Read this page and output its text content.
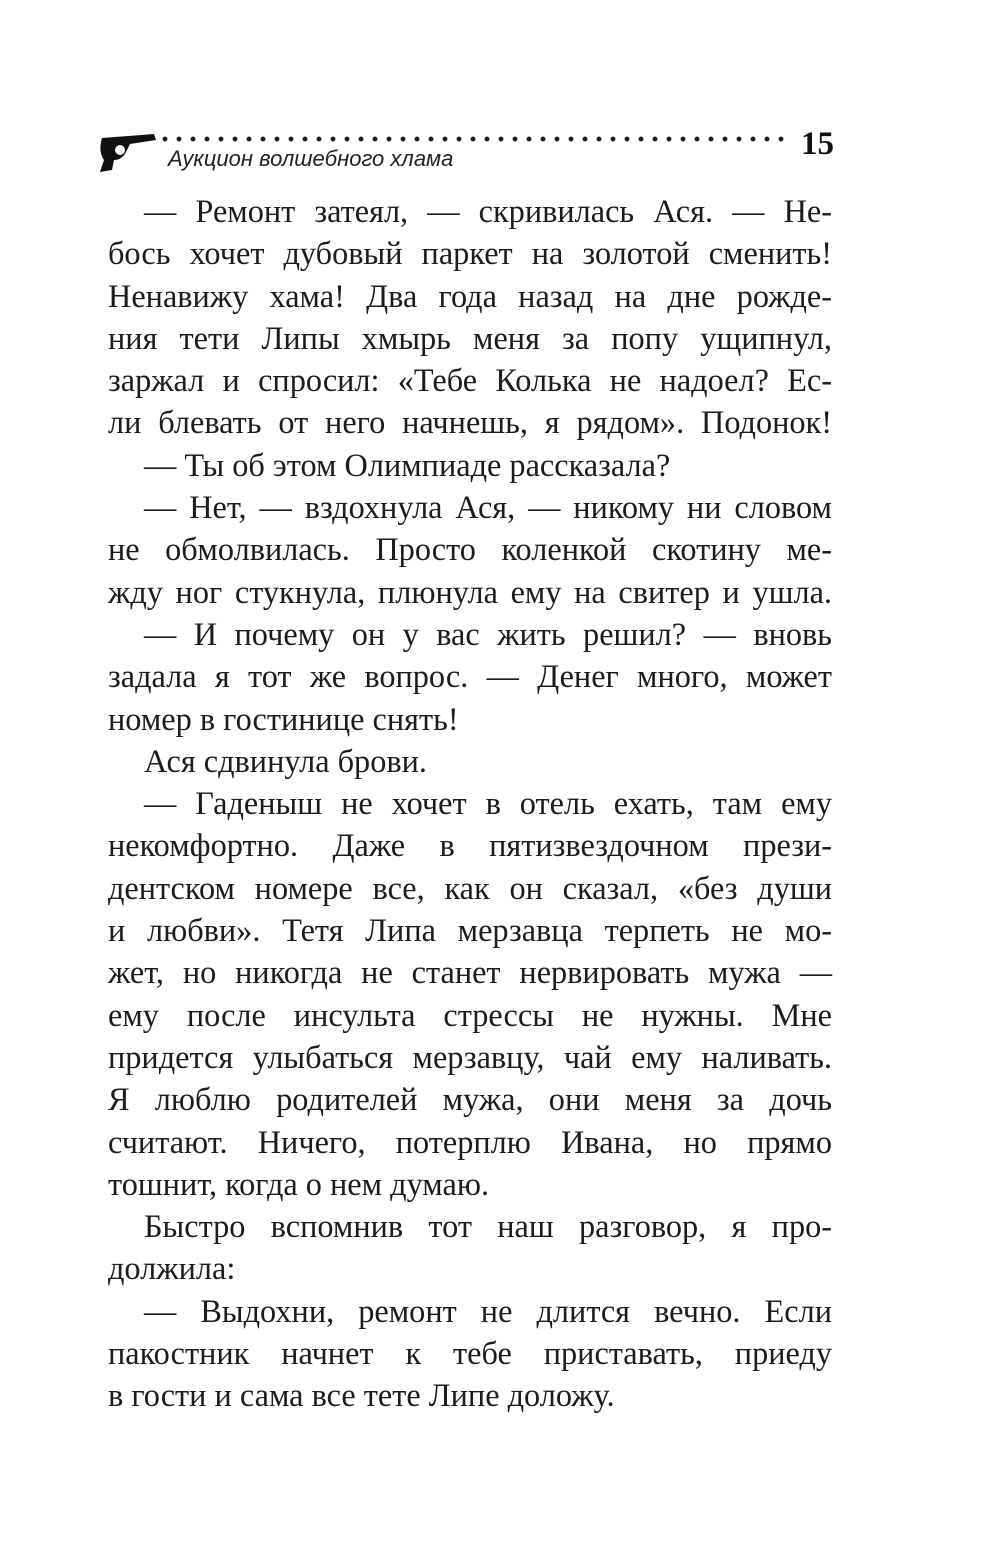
Аукцион волшебного хлама	15
— Ремонт затеял, — скривилась Ася. — Не-
бось хочет дубовый паркет на золотой сменить!
Ненавижу хама! Два года назад на дне рожде-
ния тети Липы хмырь меня за попу ущипнул,
заржал и спросил: «Тебе Колька не надоел? Ес-
ли блевать от него начнешь, я рядом». Подонок!
— Ты об этом Олимпиаде рассказала?
— Нет, — вздохнула Ася, — никому ни словом
не обмолвилась. Просто коленкой скотину ме-
жду ног стукнула, плюнула ему на свитер и ушла.
— И почему он у вас жить решил? — вновь
задала я тот же вопрос. — Денег много, может
номер в гостинице снять!
Ася сдвинула брови.
— Гаденыш не хочет в отель ехать, там ему
некомфортно. Даже в пятизвездочном прези-
дентском номере все, как он сказал, «без души
и любви». Тетя Липа мерзавца терпеть не мо-
жет, но никогда не станет нервировать мужа —
ему после инсульта стрессы не нужны. Мне
придется улыбаться мерзавцу, чай ему наливать.
Я люблю родителей мужа, они меня за дочь
считают. Ничего, потерплю Ивана, но прямо
тошнит, когда о нем думаю.
Быстро вспомнив тот наш разговор, я про-
должила:
— Выдохни, ремонт не длится вечно. Если
пакостник начнет к тебе приставать, приеду
в гости и сама все тете Липе доложу.
